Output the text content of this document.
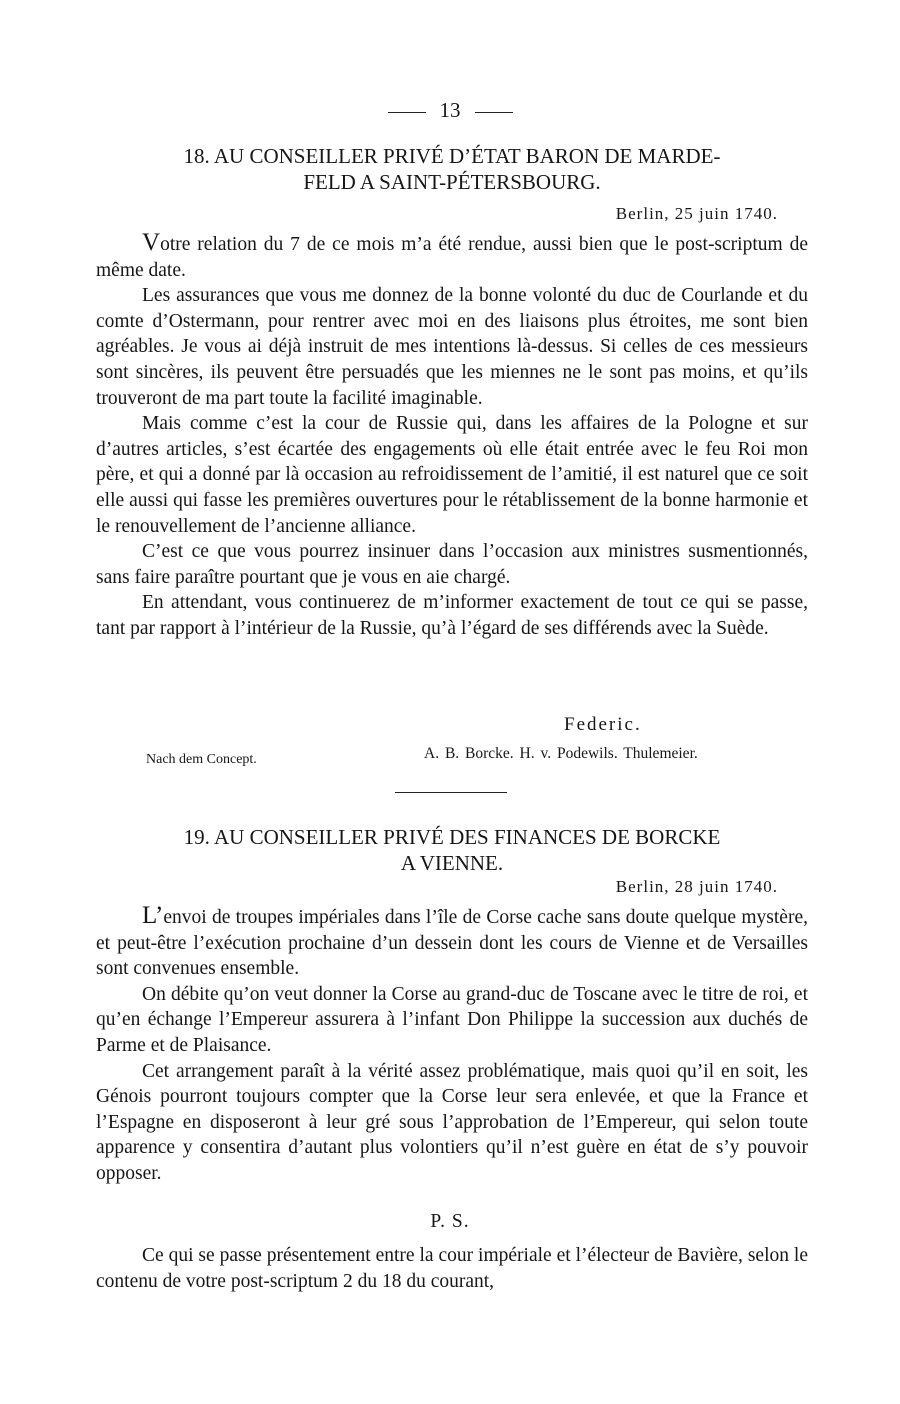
13
18. AU CONSEILLER PRIVÉ D’ÉTAT BARON DE MARDE-
FELD A SAINT-PÉTERSBOURG.
Berlin, 25 juin 1740.

Votre relation du 7 de ce mois m’a été rendue, aussi bien que le post-scriptum de même date.

Les assurances que vous me donnez de la bonne volonté du duc de Courlande et du comte d’Ostermann, pour rentrer avec moi en des liaisons plus étroites, me sont bien agréables. Je vous ai déjà instruit de mes intentions là-dessus. Si celles de ces messieurs sont sincères, ils peuvent être persuadés que les miennes ne le sont pas moins, et qu’ils trouveront de ma part toute la facilité imaginable.

Mais comme c’est la cour de Russie qui, dans les affaires de la Pologne et sur d’autres articles, s’est écartée des engagements où elle était entrée avec le feu Roi mon père, et qui a donné par là occasion au refroidissement de l’amitié, il est naturel que ce soit elle aussi qui fasse les premières ouvertures pour le rétablissement de la bonne harmonie et le renouvellement de l’ancienne alliance.

C’est ce que vous pourrez insinuer dans l’occasion aux ministres susmentionnés, sans faire paraître pourtant que je vous en aie chargé.

En attendant, vous continuerez de m’informer exactement de tout ce qui se passe, tant par rapport à l’intérieur de la Russie, qu’à l’égard de ses différends avec la Suède.

Federic.
Nach dem Concept.	A. B. Borcke. H. v. Podewils. Thulemeier.
19. AU CONSEILLER PRIVÉ DES FINANCES DE BORCKE
A VIENNE.
Berlin, 28 juin 1740.

L’envoi de troupes impériales dans l’île de Corse cache sans doute quelque mystère, et peut-être l’exécution prochaine d’un dessein dont les cours de Vienne et de Versailles sont convenues ensemble.

On débite qu’on veut donner la Corse au grand-duc de Toscane avec le titre de roi, et qu’en échange l’Empereur assurera à l’infant Don Philippe la succession aux duchés de Parme et de Plaisance.

Cet arrangement paraît à la vérité assez problématique, mais quoi qu’il en soit, les Génois pourront toujours compter que la Corse leur sera enlevée, et que la France et l’Espagne en disposeront à leur gré sous l’approbation de l’Empereur, qui selon toute apparence y consentira d’autant plus volontiers qu’il n’est guère en état de s’y pouvoir opposer.

P. S.

Ce qui se passe présentement entre la cour impériale et l’électeur de Bavière, selon le contenu de votre post-scriptum 2 du 18 du courant,
